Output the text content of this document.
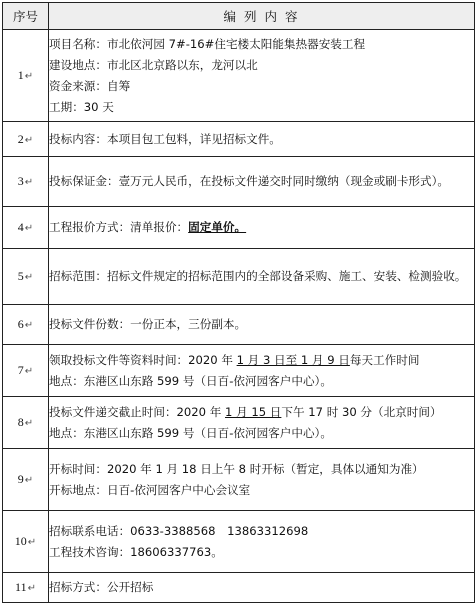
序号	编 列 内 容
1↵	项目名称：市北依河园 7#-16#住宅楼太阳能集热器安装工程
建设地点：市北区北京路以东，龙河以北
资金来源：自筹
工期：30 天

2↵	投标内容：本项目包工包料，详见招标文件。

3↵	投标保证金：壹万元人民币，在投标文件递交时同时缴纳（现金或刷卡形式）。
4↵	工程报价方式：清单报价：固定单价。

5↵	招标范围：招标文件规定的招标范围内的全部设备采购、施工、安装、检测验收。
6↵	投标文件份数：一份正本，三份副本。

7↵	领取投标文件等资料时间：2020 年 1 月 3 日至 1 月 9 日每天工作时间
地点：东港区山东路 599 号（日百-依河园客户中心）。

8↵	投标文件递交截止时间：2020 年 1 月 15 日下午 17 时 30 分（北京时间）
地点：东港区山东路 599 号（日百-依河园客户中心）。

9↵	开标时间：2020 年 1 月 18 日上午 8 时开标（暂定，具体以通知为准）
开标地点：日百-依河园客户中心会议室

10↵	招标联系电话：0633-3388568　13863312698
工程技术咨询：18606337763。

11↵	招标方式：公开招标
